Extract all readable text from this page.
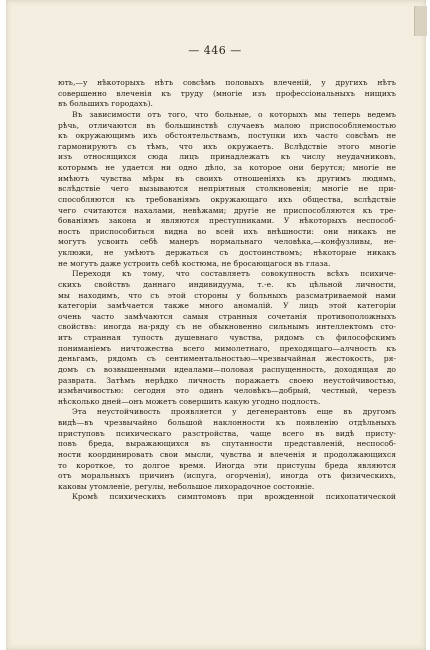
— 446 —
ють,—у нѣкоторыхъ нѣтъ совсѣмъ половыхъ влеченій, у другихъ нѣтъ
совершенно влеченія къ труду (многіе изъ профессіональныхъ нищихъ
въ большихъ городахъ).
Въ зависимости отъ того, что больные, о которыхъ мы теперь ведемъ
рѣчь, отличаются въ большинствѣ случаевъ малою приспособляемостью
къ окружающимъ ихъ обстоятельствамъ, поступки ихъ часто совсѣмъ не
гармонируютъ съ тѣмъ, что ихъ окружаетъ. Вслѣдствіе этого многіе
изъ относящихся сюда лицъ принадлежатъ къ числу неудачниковъ,
которымъ не удается ни одно дѣло, за которое они берутся; многіе не
имѣютъ чувства мѣры въ своихъ отношеніяхъ къ другимъ людямъ,
вслѣдствіе чего вызываются непріятныя столкновенія; многіе не при-
способляются къ требованіямъ окружающаго ихъ общества, вслѣдствіе
чего считаются нахалами, невѣжами; другіе не приспособляются къ тре-
бованіямъ закона и являются преступниками. У нѣкоторыхъ неспособ-
ность приспособиться видна во всей ихъ внѣшности: они никакъ не
могутъ усвоить себѣ манеръ нормальнаго человѣка,—конфузливы, не-
уклюжи, не умѣютъ держаться съ достоинствомъ; нѣкоторые никакъ
не могутъ даже устроить себѣ костюма, не бросающагося въ глаза.
Переходя къ тому, что составляетъ совокупность всѣхъ психиче-
скихъ свойствъ даннаго индивидуума, т.-е. къ цѣльной личности,
мы находимъ, что съ этой стороны у больныхъ разсматриваемой нами
категоріи замѣчается также много аномалій. У лицъ этой категоріи
очень часто замѣчаются самыя странныя сочетанія противоположныхъ
свойствъ: иногда на-ряду съ не обыкновенно сильнымъ интеллектомъ сто-
итъ странная тупость душевнаго чувства, рядомъ съ философскимъ
пониманіемъ ничтожества всего мимолетнаго, преходящаго—алчность къ
деньгамъ, рядомъ съ сентиментальностью—чрезвычайная жестокость, ря-
домъ съ возвышенными идеалами—половая распущенность, доходящая до
разврата. Затѣмъ нерѣдко личность поражаетъ своею неустойчивостью,
измѣнчивостью: сегодня это одинъ человѣкъ—добрый, честный, черезъ
нѣсколько дней—онъ можетъ совершить какую угодно подлость.
Эта неустойчивость проявляется у дегенерантовъ еще въ другомъ
видѣ—въ чрезвычайно большой наклонности къ появленію отдѣльныхъ
приступовъ психическаго разстройства, чаще всего въ видѣ присту-
повъ бреда, выражающихся въ спутанности представленій, неспособ-
ности координировать свои мысли, чувства и влеченія и продолжающихся
то короткое, то долгое время. Иногда эти приступы бреда являются
отъ моральныхъ причинъ (испуга, огорченія), иногда отъ физическихъ,
каковы утомленіе, регулы, небольшое лихорадочное состояніе.
Кромѣ психическихъ симптомовъ при врожденной психопатической
